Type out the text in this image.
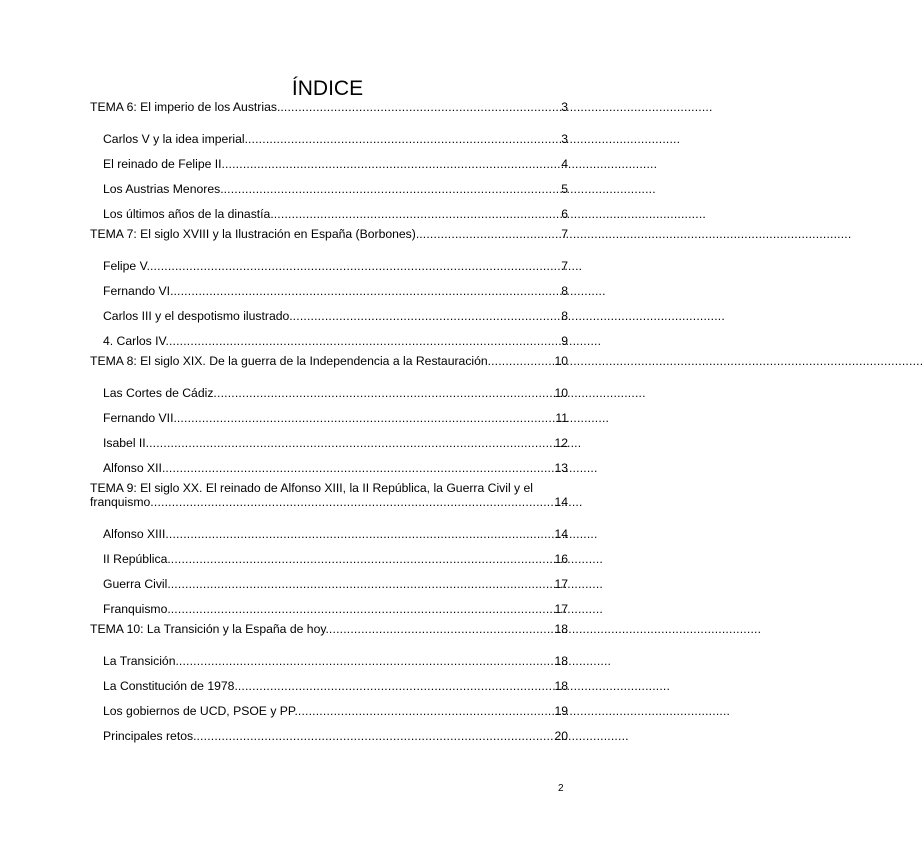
ÍNDICE
TEMA 6: El imperio de los Austrias. . . .	3
Carlos V y la idea imperial. . . .	3
El reinado de Felipe II. . . .	4
Los Austrias Menores. . . .	5
Los últimos años de la dinastía. . . .	6
TEMA 7: El siglo XVIII y la Ilustración en España (Borbones). . . .	7
Felipe V. . . .	7
Fernando VI. . . .	8
Carlos III y el despotismo ilustrado. . . .	8
4. Carlos IV. . . .	9
TEMA 8: El siglo XIX. De la guerra de la Independencia a la Restauración. . . .	10
Las Cortes de Cádiz . . .	10
Fernando VII. . . .	11
Isabel II. . . .	12
Alfonso XII. . . .	13
TEMA 9: El siglo XX. El reinado de Alfonso XIII, la II República, la Guerra Civil y el
franquismo . . .	14
Alfonso XIII . . .	14
II República. . . .	16
Guerra Civil. . . .	17
Franquismo. . . .	17
TEMA 10: La Transición y la España de hoy. . . .	18
La Transición. . . .	18
La Constitución de 1978. . . .	18
Los gobiernos de UCD, PSOE y PP. . . .	19
Principales retos. . . .	20
2
